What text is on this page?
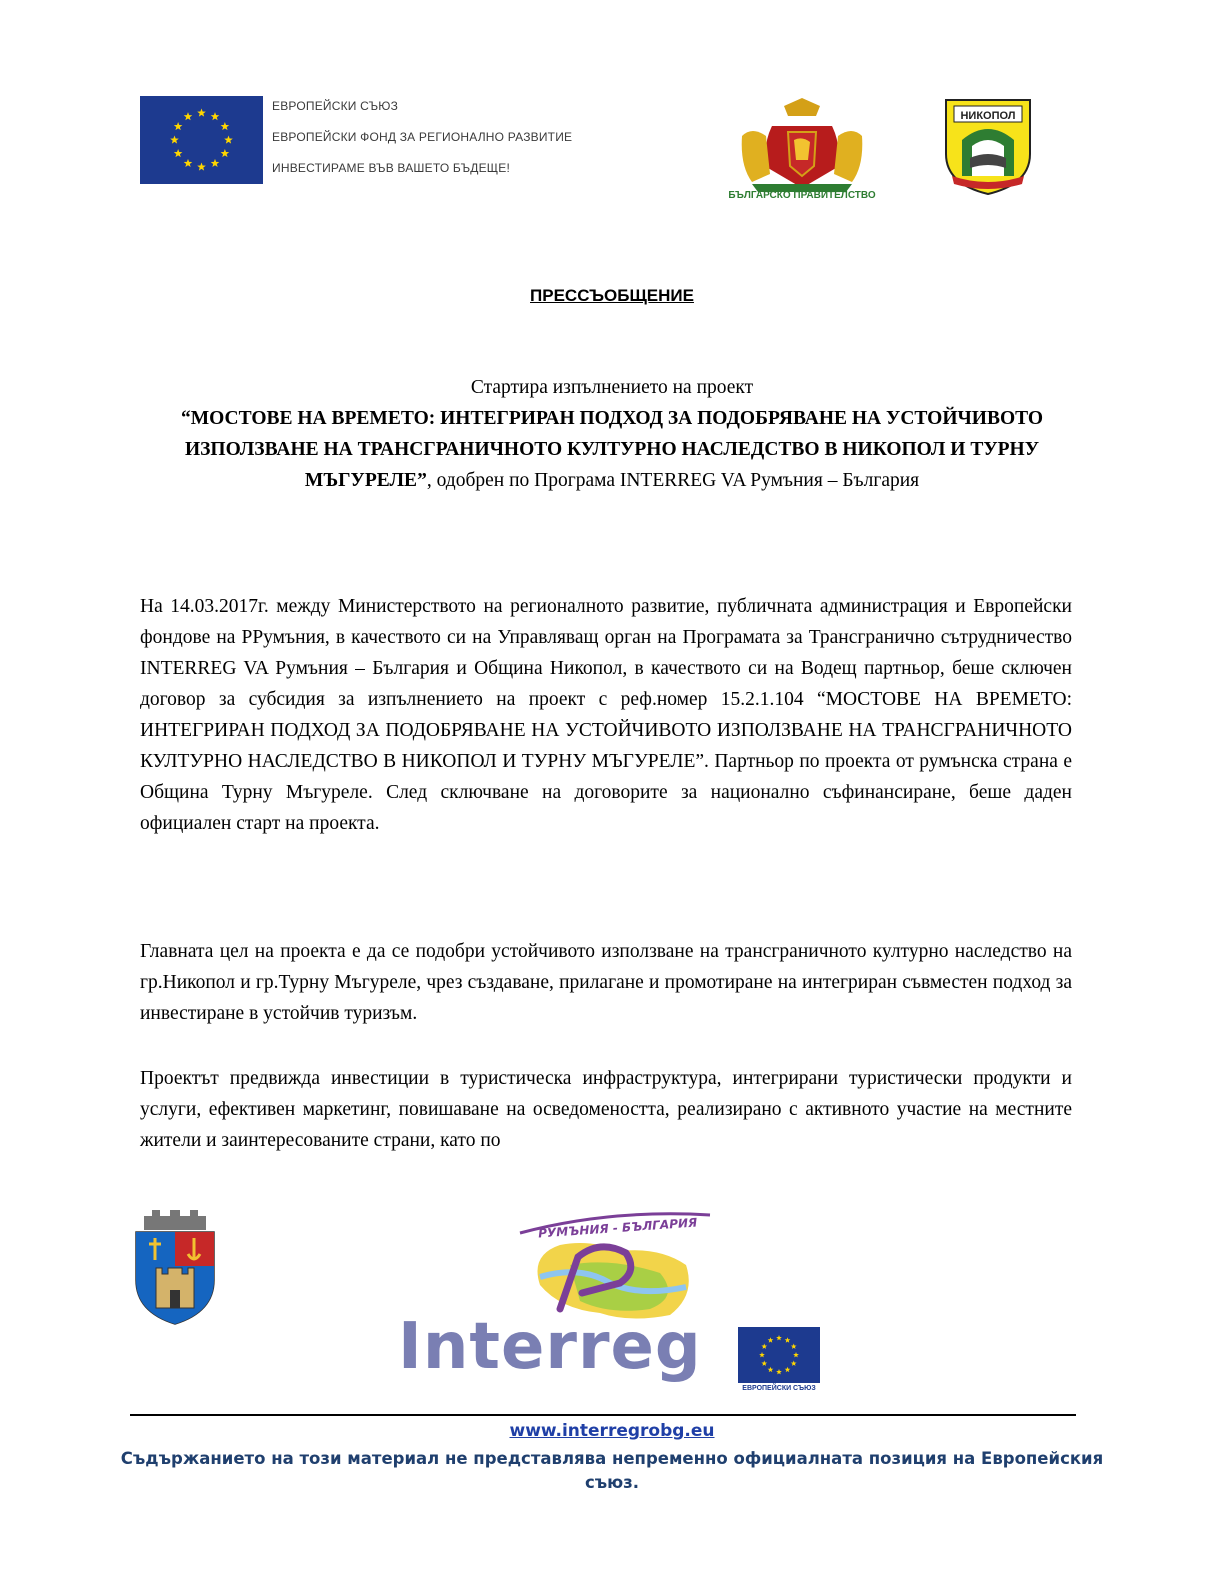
ЕВРОПЕЙСКИ СЪЮЗ
ЕВРОПЕЙСКИ ФОНД ЗА РЕГИОНАЛНО РАЗВИТИЕ
ИНВЕСТИРАМЕ ВЪВ ВАШЕТО БЪДЕЩЕ!
БЪЛГАРСКО ПРАВИТЕЛСТВО
НИКОПОЛ
ПРЕССЪОБЩЕНИЕ
Стартира изпълнението на проект
“МОСТОВЕ НА ВРЕМЕТО: ИНТЕГРИРАН ПОДХОД ЗА ПОДОБРЯВАНЕ НА УСТОЙЧИВОТО ИЗПОЛЗВАНЕ НА ТРАНСГРАНИЧНОТО КУЛТУРНО НАСЛЕДСТВО В НИКОПОЛ И ТУРНУ МЪГУРЕЛЕ”, одобрен по Програма INTERREG VA Румъния – България
На 14.03.2017г. между Министерството на регионалното развитие, публичната администрация и Европейски фондове на РРумъния, в качеството си на Управляващ орган на Програмата за Трансгранично сътрудничество INTERREG VA Румъния – България и Община Никопол, в качеството си на Водещ партньор, беше сключен договор за субсидия за изпълнението на проект с реф.номер 15.2.1.104 “МОСТОВЕ НА ВРЕМЕТО: ИНТЕГРИРАН ПОДХОД ЗА ПОДОБРЯВАНЕ НА УСТОЙЧИВОТО ИЗПОЛЗВАНЕ НА ТРАНСГРАНИЧНОТО КУЛТУРНО НАСЛЕДСТВО В НИКОПОЛ И ТУРНУ МЪГУРЕЛЕ”. Партньор по проекта от румънска страна е Община Турну Мъгуреле. След сключване на договорите за национално съфинансиране, беше даден официален старт на проекта.
Главната цел на проекта е да се подобри устойчивото използване на трансграничното културно наследство на гр.Никопол и гр.Турну Мъгуреле, чрез създаване, прилагане и промотиране на интегриран съвместен подход за инвестиране в устойчив туризъм.
Проектът предвижда инвестиции в туристическа инфраструктура, интегрирани туристически продукти и услуги, ефективен маркетинг, повишаване на осведомеността, реализирано с активното участие на местните жители и заинтересованите страни, като по
РУМЪНИЯ - БЪЛГАРИЯ
Interreg
ЕВРОПЕЙСКИ СЪЮЗ
www.interregrobg.eu
Съдържанието на този материал не представлява непременно официалната позиция на Европейския съюз.
